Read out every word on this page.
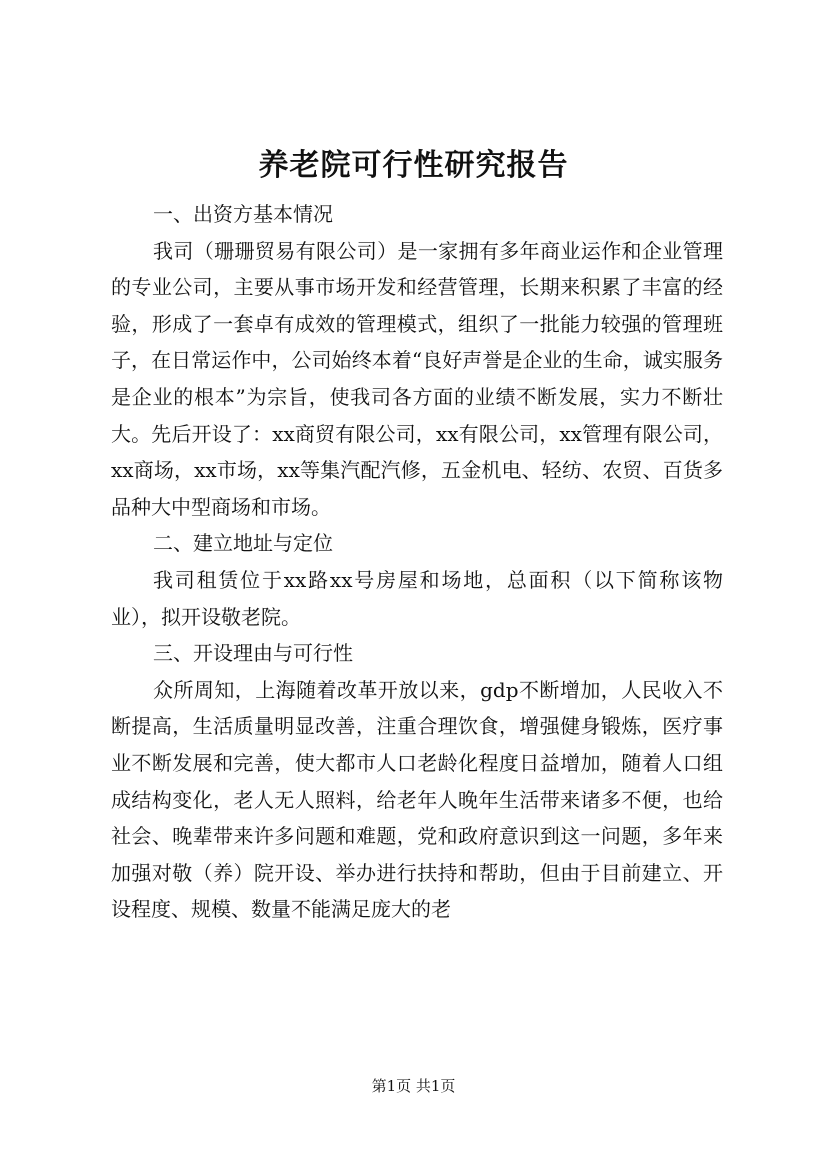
养老院可行性研究报告

一、出资方基本情况

我司（珊珊贸易有限公司）是一家拥有多年商业运作和企业管理的专业公司，主要从事市场开发和经营管理，长期来积累了丰富的经验，形成了一套卓有成效的管理模式，组织了一批能力较强的管理班子，在日常运作中，公司始终本着“良好声誉是企业的生命，诚实服务是企业的根本”为宗旨，使我司各方面的业绩不断发展，实力不断壮大。先后开设了：xx商贸有限公司，xx有限公司，xx管理有限公司，xx商场，xx市场，xx等集汽配汽修，五金机电、轻纺、农贸、百货多品种大中型商场和市场。

二、建立地址与定位

我司租赁位于xx路xx号房屋和场地，总面积（以下简称该物业），拟开设敬老院。

三、开设理由与可行性

众所周知，上海随着改革开放以来，gdp不断增加，人民收入不断提高，生活质量明显改善，注重合理饮食，增强健身锻炼，医疗事业不断发展和完善，使大都市人口老龄化程度日益增加，随着人口组成结构变化，老人无人照料，给老年人晚年生活带来诸多不便，也给社会、晚辈带来许多问题和难题，党和政府意识到这一问题，多年来加强对敬（养）院开设、举办进行扶持和帮助，但由于目前建立、开设程度、规模、数量不能满足庞大的老

第1页 共1页
